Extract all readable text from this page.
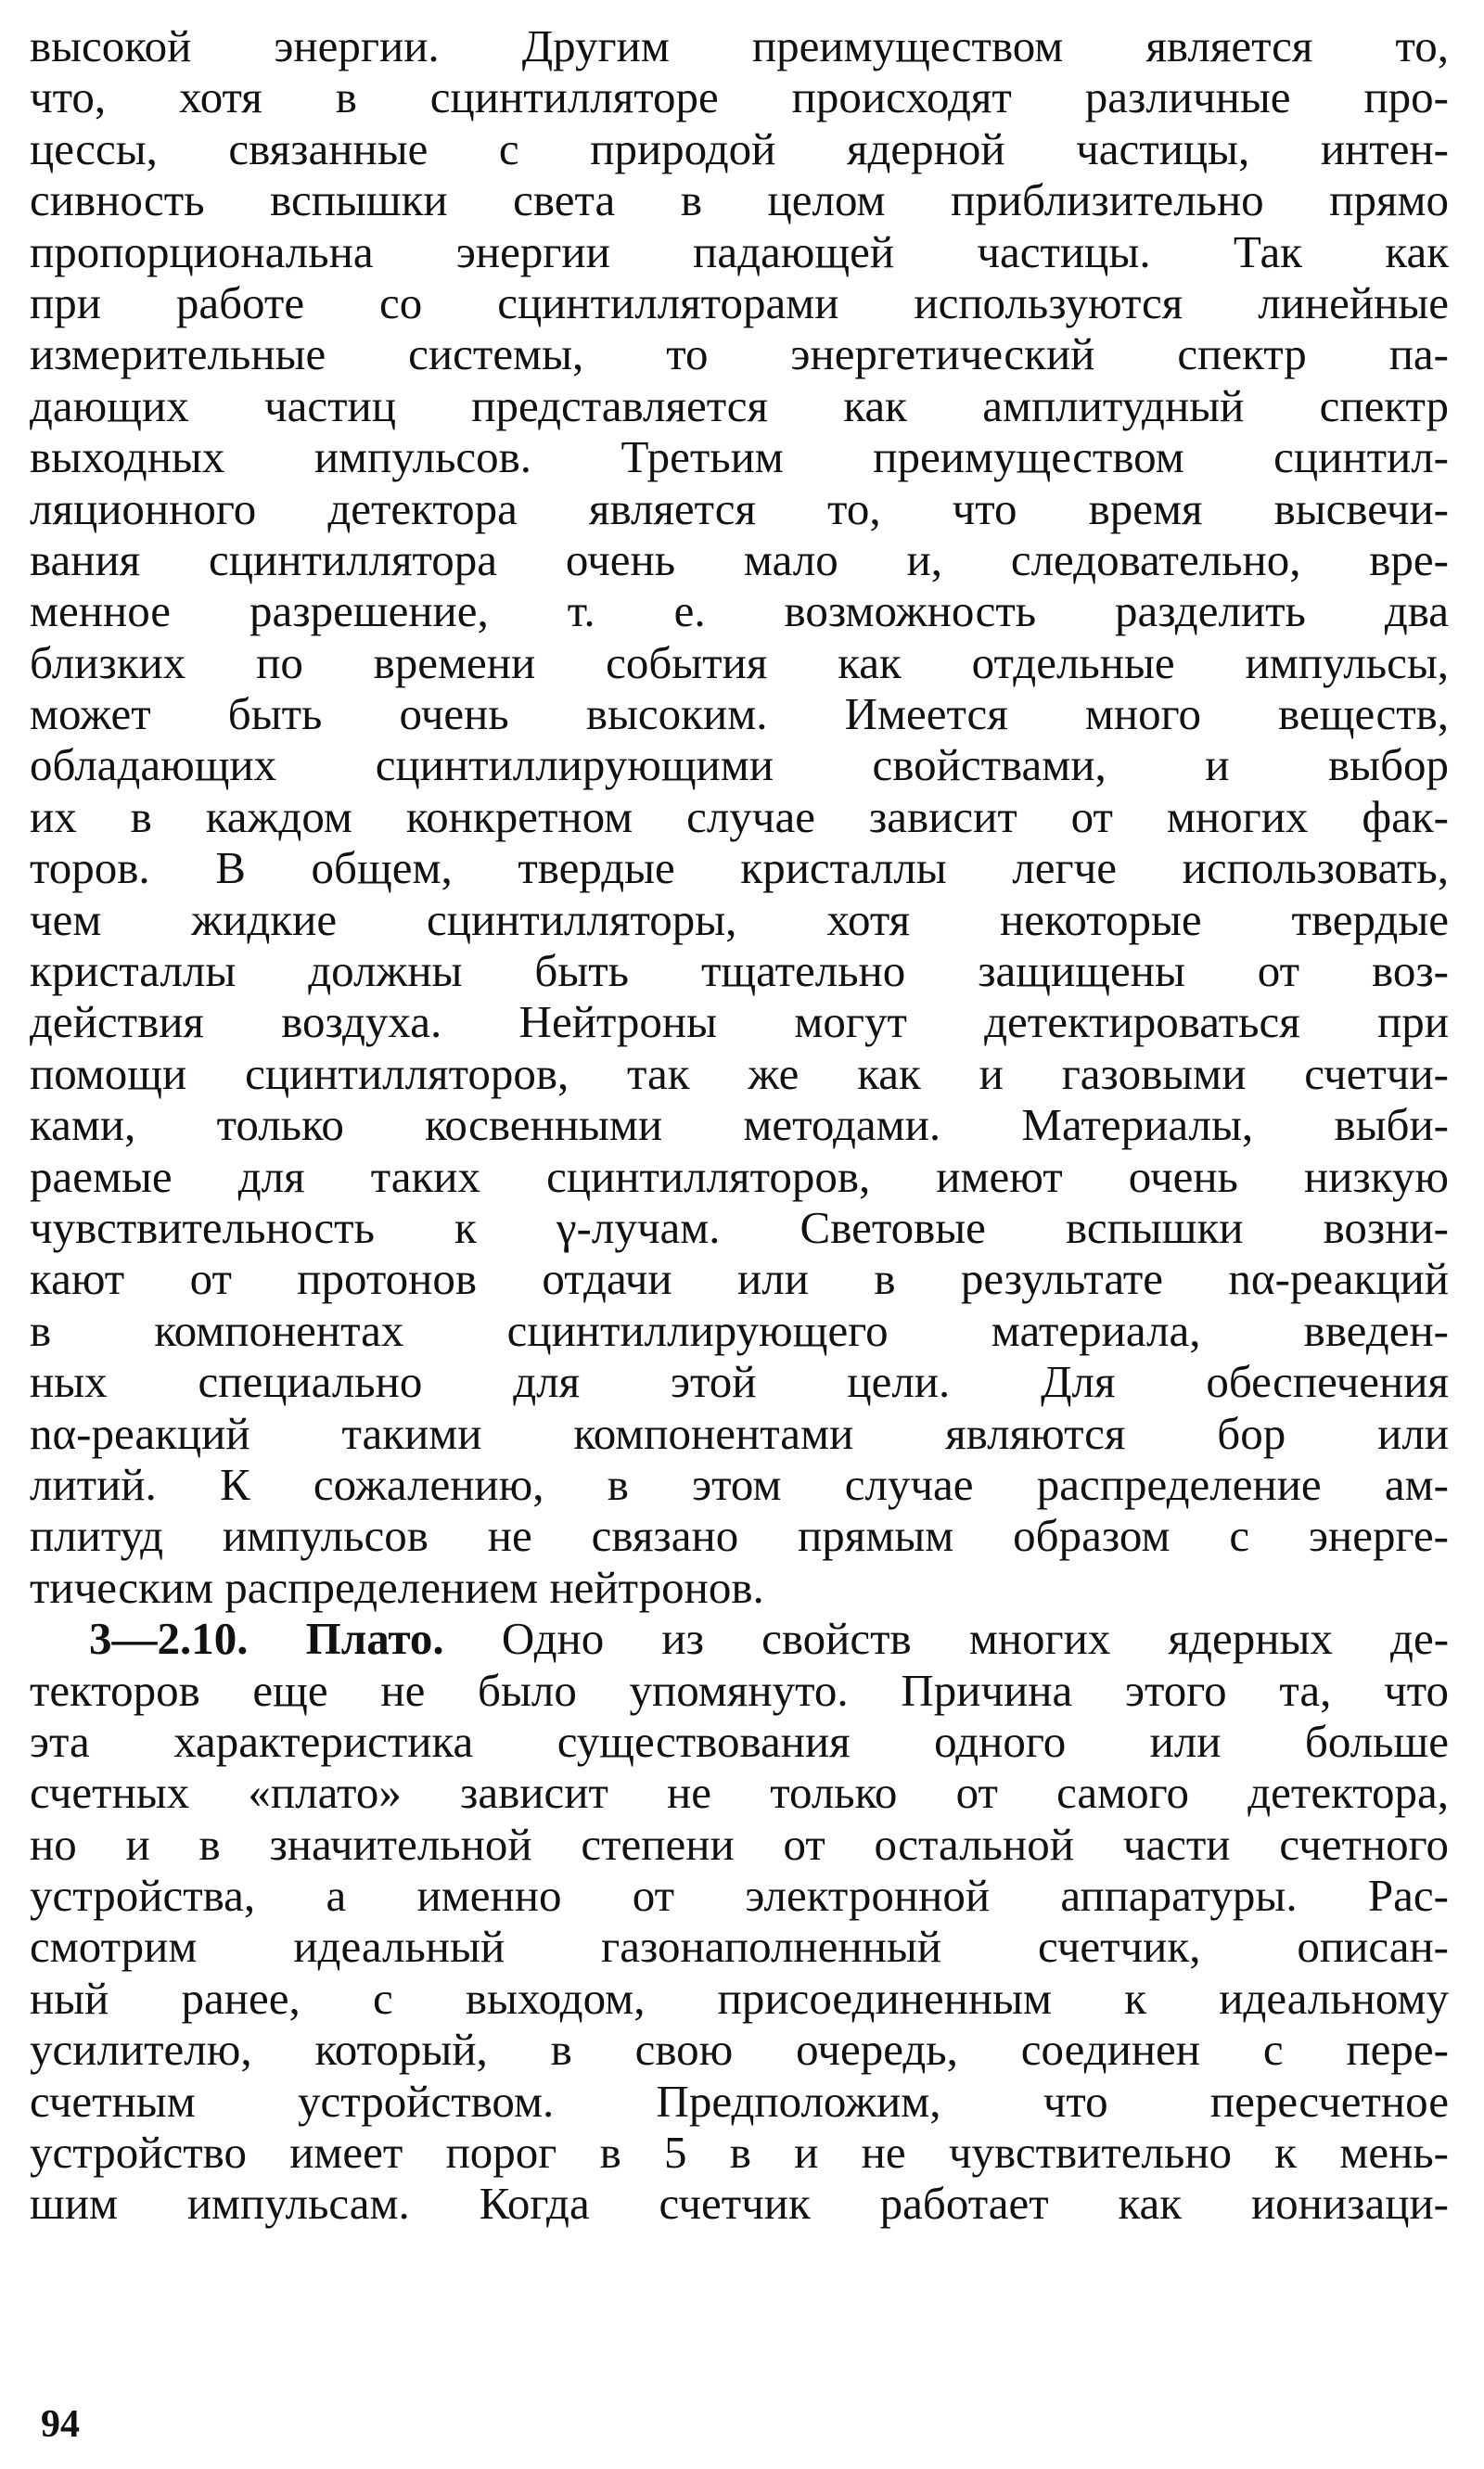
высокой энергии. Другим преимуществом является то,
что, хотя в сцинтилляторе происходят различные про-
цессы, связанные с природой ядерной частицы, интен-
сивность вспышки света в целом приблизительно прямо
пропорциональна энергии падающей частицы. Так как
при работе со сцинтилляторами используются линейные
измерительные системы, то энергетический спектр па-
дающих частиц представляется как амплитудный спектр
выходных импульсов. Третьим преимуществом сцинтил-
ляционного детектора является то, что время высвечи-
вания сцинтиллятора очень мало и, следовательно, вре-
менное разрешение, т. е. возможность разделить два
близких по времени события как отдельные импульсы,
может быть очень высоким. Имеется много веществ,
обладающих сцинтиллирующими свойствами, и выбор
их в каждом конкретном случае зависит от многих фак-
торов. В общем, твердые кристаллы легче использовать,
чем жидкие сцинтилляторы, хотя некоторые твердые
кристаллы должны быть тщательно защищены от воз-
действия воздуха. Нейтроны могут детектироваться при
помощи сцинтилляторов, так же как и газовыми счетчи-
ками, только косвенными методами. Материалы, выби-
раемые для таких сцинтилляторов, имеют очень низкую
чувствительность к γ-лучам. Световые вспышки возни-
кают от протонов отдачи или в результате nα-реакций
в компонентах сцинтиллирующего материала, введен-
ных специально для этой цели. Для обеспечения
nα-реакций такими компонентами являются бор или
литий. К сожалению, в этом случае распределение ам-
плитуд импульсов не связано прямым образом с энерге-
тическим распределением нейтронов.
3—2.10. Плато. Одно из свойств многих ядерных де-
текторов еще не было упомянуто. Причина этого та, что
эта характеристика существования одного или больше
счетных «плато» зависит не только от самого детектора,
но и в значительной степени от остальной части счетного
устройства, а именно от электронной аппаратуры. Рас-
смотрим идеальный газонаполненный счетчик, описан-
ный ранее, с выходом, присоединенным к идеальному
усилителю, который, в свою очередь, соединен с пере-
счетным устройством. Предположим, что пересчетное
устройство имеет порог в 5 в и не чувствительно к мень-
шим импульсам. Когда счетчик работает как ионизаци-
94
